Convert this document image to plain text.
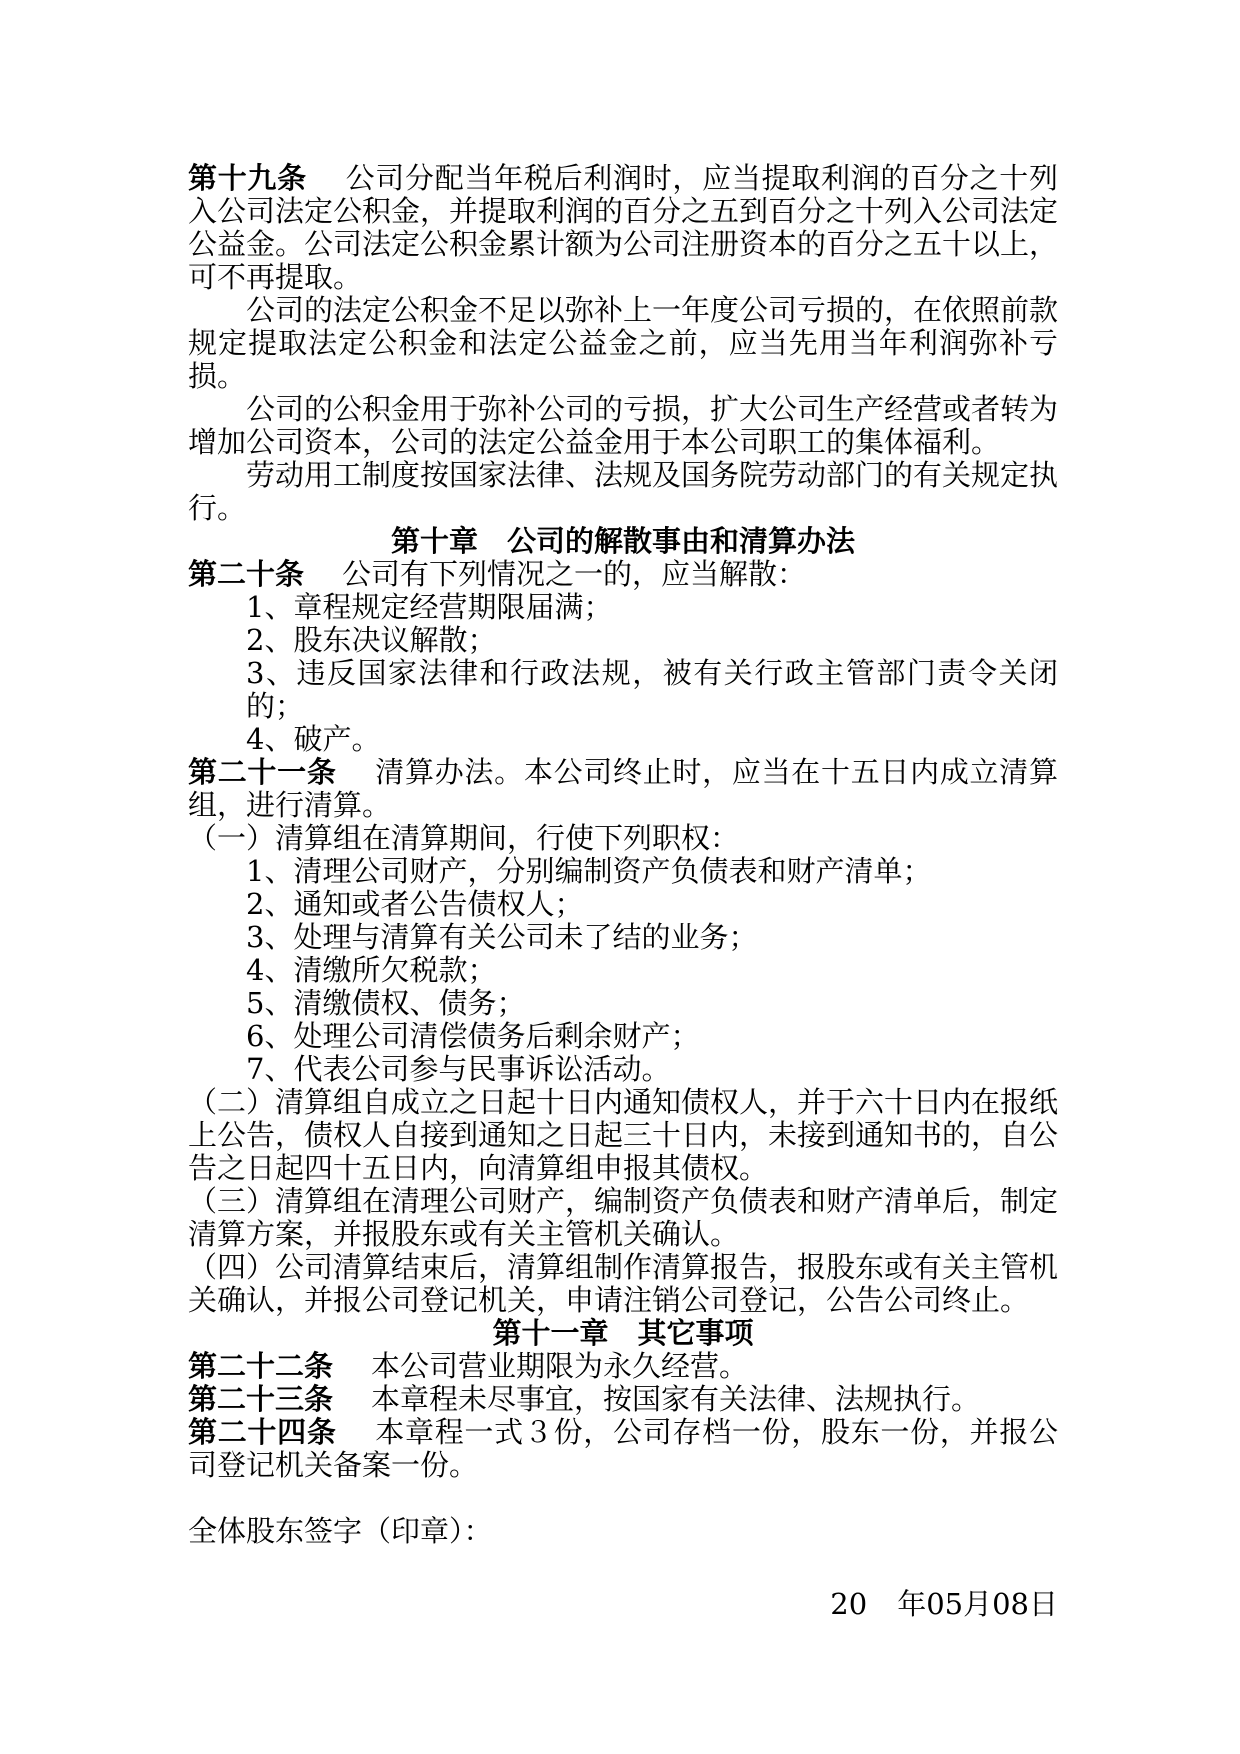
第十九条 公司分配当年税后利润时，应当提取利润的百分之十列入公司法定公积金，并提取利润的百分之五到百分之十列入公司法定公益金。公司法定公积金累计额为公司注册资本的百分之五十以上，可不再提取。

公司的法定公积金不足以弥补上一年度公司亏损的，在依照前款规定提取法定公积金和法定公益金之前，应当先用当年利润弥补亏损。

公司的公积金用于弥补公司的亏损，扩大公司生产经营或者转为增加公司资本，公司的法定公益金用于本公司职工的集体福利。

劳动用工制度按国家法律、法规及国务院劳动部门的有关规定执行。

第十章　公司的解散事由和清算办法

第二十条 公司有下列情况之一的，应当解散：

1、章程规定经营期限届满；

2、股东决议解散；

3、违反国家法律和行政法规，被有关行政主管部门责令关闭的；

4、破产。

第二十一条 清算办法。本公司终止时，应当在十五日内成立清算组，进行清算。

（一）清算组在清算期间，行使下列职权：

1、清理公司财产，分别编制资产负债表和财产清单；

2、通知或者公告债权人；

3、处理与清算有关公司未了结的业务；

4、清缴所欠税款；

5、清缴债权、债务；

6、处理公司清偿债务后剩余财产；

7、代表公司参与民事诉讼活动。

（二）清算组自成立之日起十日内通知债权人，并于六十日内在报纸上公告，债权人自接到通知之日起三十日内，未接到通知书的，自公告之日起四十五日内，向清算组申报其债权。

（三）清算组在清理公司财产，编制资产负债表和财产清单后，制定清算方案，并报股东或有关主管机关确认。

（四）公司清算结束后，清算组制作清算报告，报股东或有关主管机关确认，并报公司登记机关，申请注销公司登记，公告公司终止。

第十一章　其它事项

第二十二条 本公司营业期限为永久经营。

第二十三条 本章程未尽事宜，按国家有关法律、法规执行。

第二十四条 本章程一式３份，公司存档一份，股东一份，并报公司登记机关备案一份。

全体股东签字（印章）：

20 年05月08日
